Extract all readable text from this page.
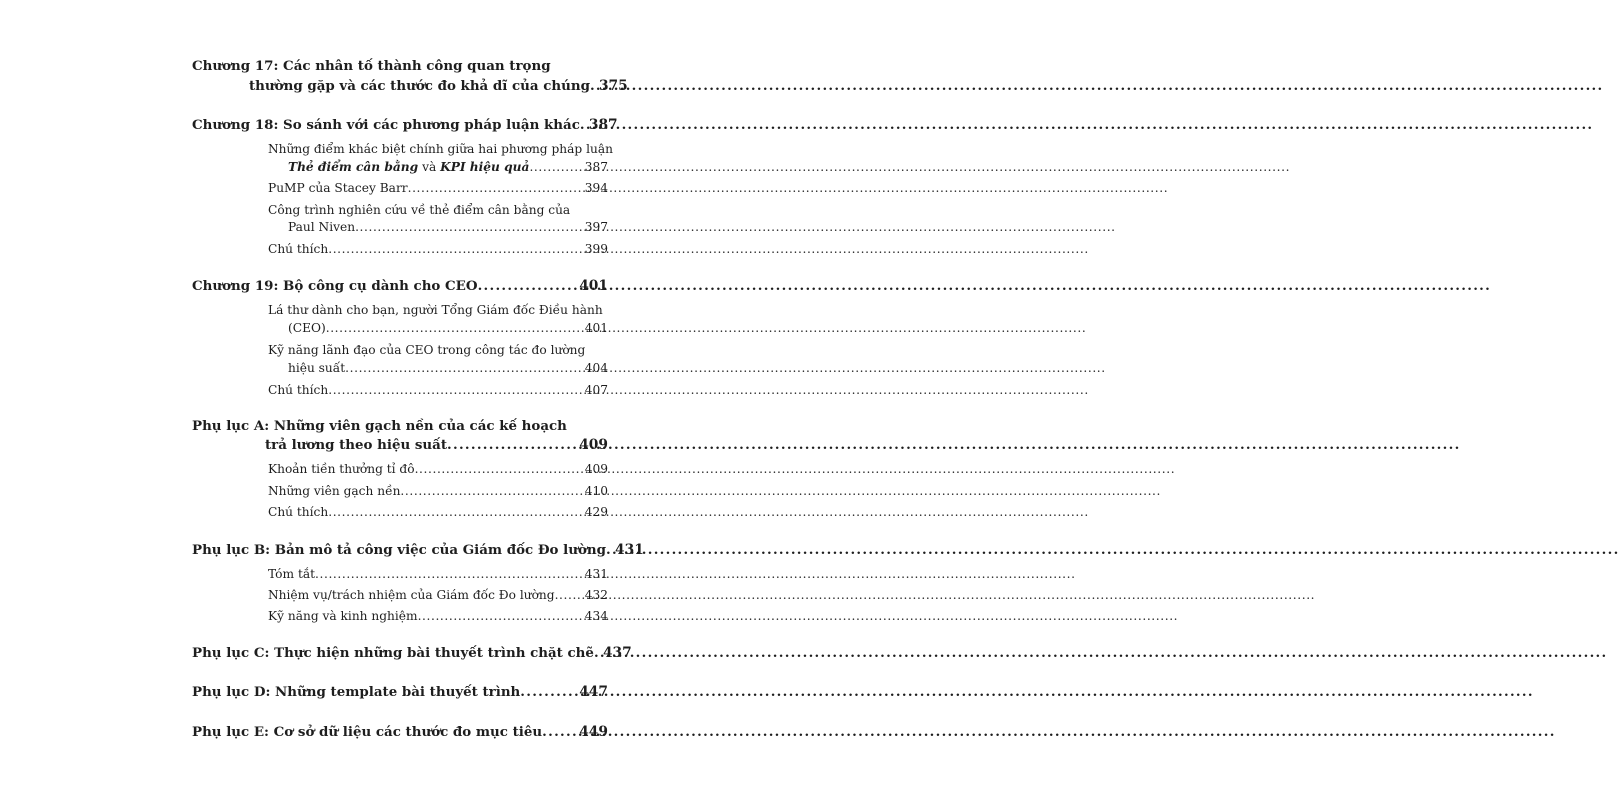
Chương 17: Các nhân tố thành công quan trọng
thường gặp và các thước đo khả dĩ của chúng ..... 375
Chương 18: So sánh với các phương pháp luận khác ..... 387
Những điểm khác biệt chính giữa hai phương pháp luận
Thẻ điểm cân bằng và KPI hiệu quả .....	387
PuMP của Stacey Barr .....	394
Công trình nghiên cứu về thẻ điểm cân bằng của
Paul Niven .....	397
Chú thích .....	399
Chương 19: Bộ công cụ dành cho CEO .....	401
Lá thư dành cho bạn, người Tổng Giám đốc Điều hành
(CEO) .....	401
Kỹ năng lãnh đạo của CEO trong công tác đo lường
hiệu suất .....	404
Chú thích .....	407
Phụ lục A: Những viên gạch nền của các kế hoạch
trả lương theo hiệu suất .....	409
Khoản tiền thưởng tỉ đô .....	409
Những viên gạch nền .....	410
Chú thích .....	429
Phụ lục B: Bản mô tả công việc của Giám đốc Đo lường ..... 431
Tóm tắt .....	431
Nhiệm vụ/trách nhiệm của Giám đốc Đo lường ..... 432
Kỹ năng và kinh nghiệm .....	434
Phụ lục C: Thực hiện những bài thuyết trình chặt chẽ ..... 437
Phụ lục D: Những template bài thuyết trình .....	447
Phụ lục E: Cơ sở dữ liệu các thước đo mục tiêu .....	449
